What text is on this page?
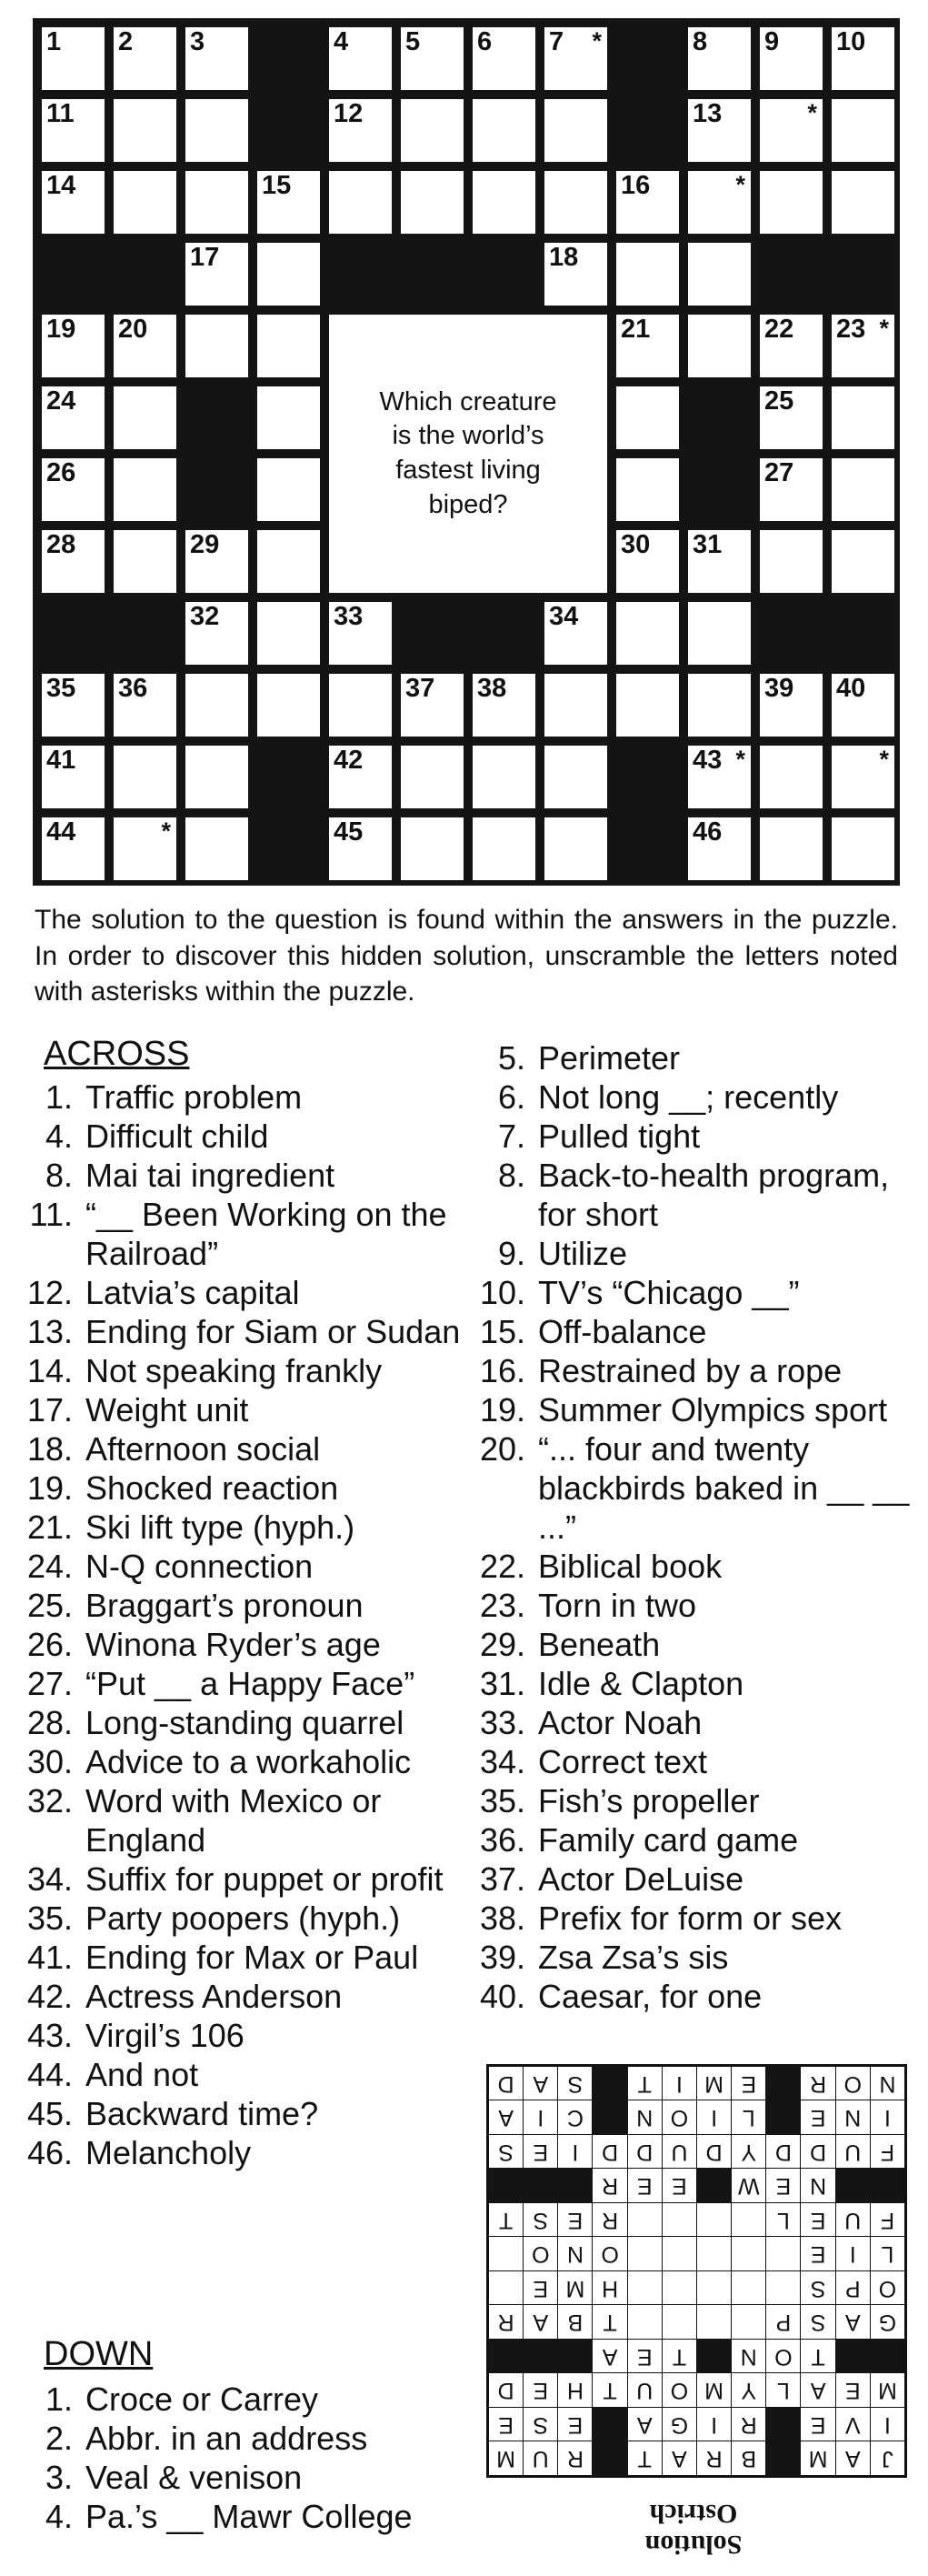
1 2 3	4 5 6 7 *	8 9 10
11	12	13	*
14	15	16	*
17	18
19 20	21	22 23 *
24	25
26	27
28	29	30 31
32	33	34
35 36	37 38	39 40
41	42	43 *	*
44	*	45	46
Which creature
is the world’s
fastest living
biped?
The solution to the question is found within the answers in the puzzle. In order to discover this hidden solution, unscramble the letters noted with asterisks within the puzzle.
ACROSS
1. Traffic problem
4. Difficult child
8. Mai tai ingredient
11. “__ Been Working on the Railroad”
12. Latvia’s capital
13. Ending for Siam or Sudan
14. Not speaking frankly
17. Weight unit
18. Afternoon social
19. Shocked reaction
21. Ski lift type (hyph.)
24. N-Q connection
25. Braggart’s pronoun
26. Winona Ryder’s age
27. “Put __ a Happy Face”
28. Long-standing quarrel
30. Advice to a workaholic
32. Word with Mexico or England
34. Suffix for puppet or profit
35. Party poopers (hyph.)
41. Ending for Max or Paul
42. Actress Anderson
43. Virgil’s 106
44. And not
45. Backward time?
46. Melancholy
DOWN
1. Croce or Carrey
2. Abbr. in an address
3. Veal & venison
4. Pa.’s __ Mawr College
5. Perimeter
6. Not long __; recently
7. Pulled tight
8. Back-to-health program, for short
9. Utilize
10. TV’s “Chicago __”
15. Off-balance
16. Restrained by a rope
19. Summer Olympics sport
20. “... four and twenty blackbirds baked in __ __ ...”
22. Biblical book
23. Torn in two
29. Beneath
31. Idle & Clapton
33. Actor Noah
34. Correct text
35. Fish’s propeller
36. Family card game
37. Actor DeLuise
38. Prefix for form or sex
39. Zsa Zsa’s sis
40. Caesar, for one
Solution
Ostrich
J
A
M
B
R
A
T
R
U
M
I
V
E
R
I
G
A
E
S
E
M
E
A
L
Y
M
O
U
T
H
E
D
T
O
N
T
E
A
G
A
S
P
T
B
A
R
O
P
S
H
M
E
L
I
E
O
N
O
F
U
E
L
R
E
S
T
N
E
W
E
E
R
F
U
D
D
Y
D
U
D
D
I
E
S
I
N
E
L
I
O
N
C
I
A
N
O
R
E
M
I
T
S
A
D
